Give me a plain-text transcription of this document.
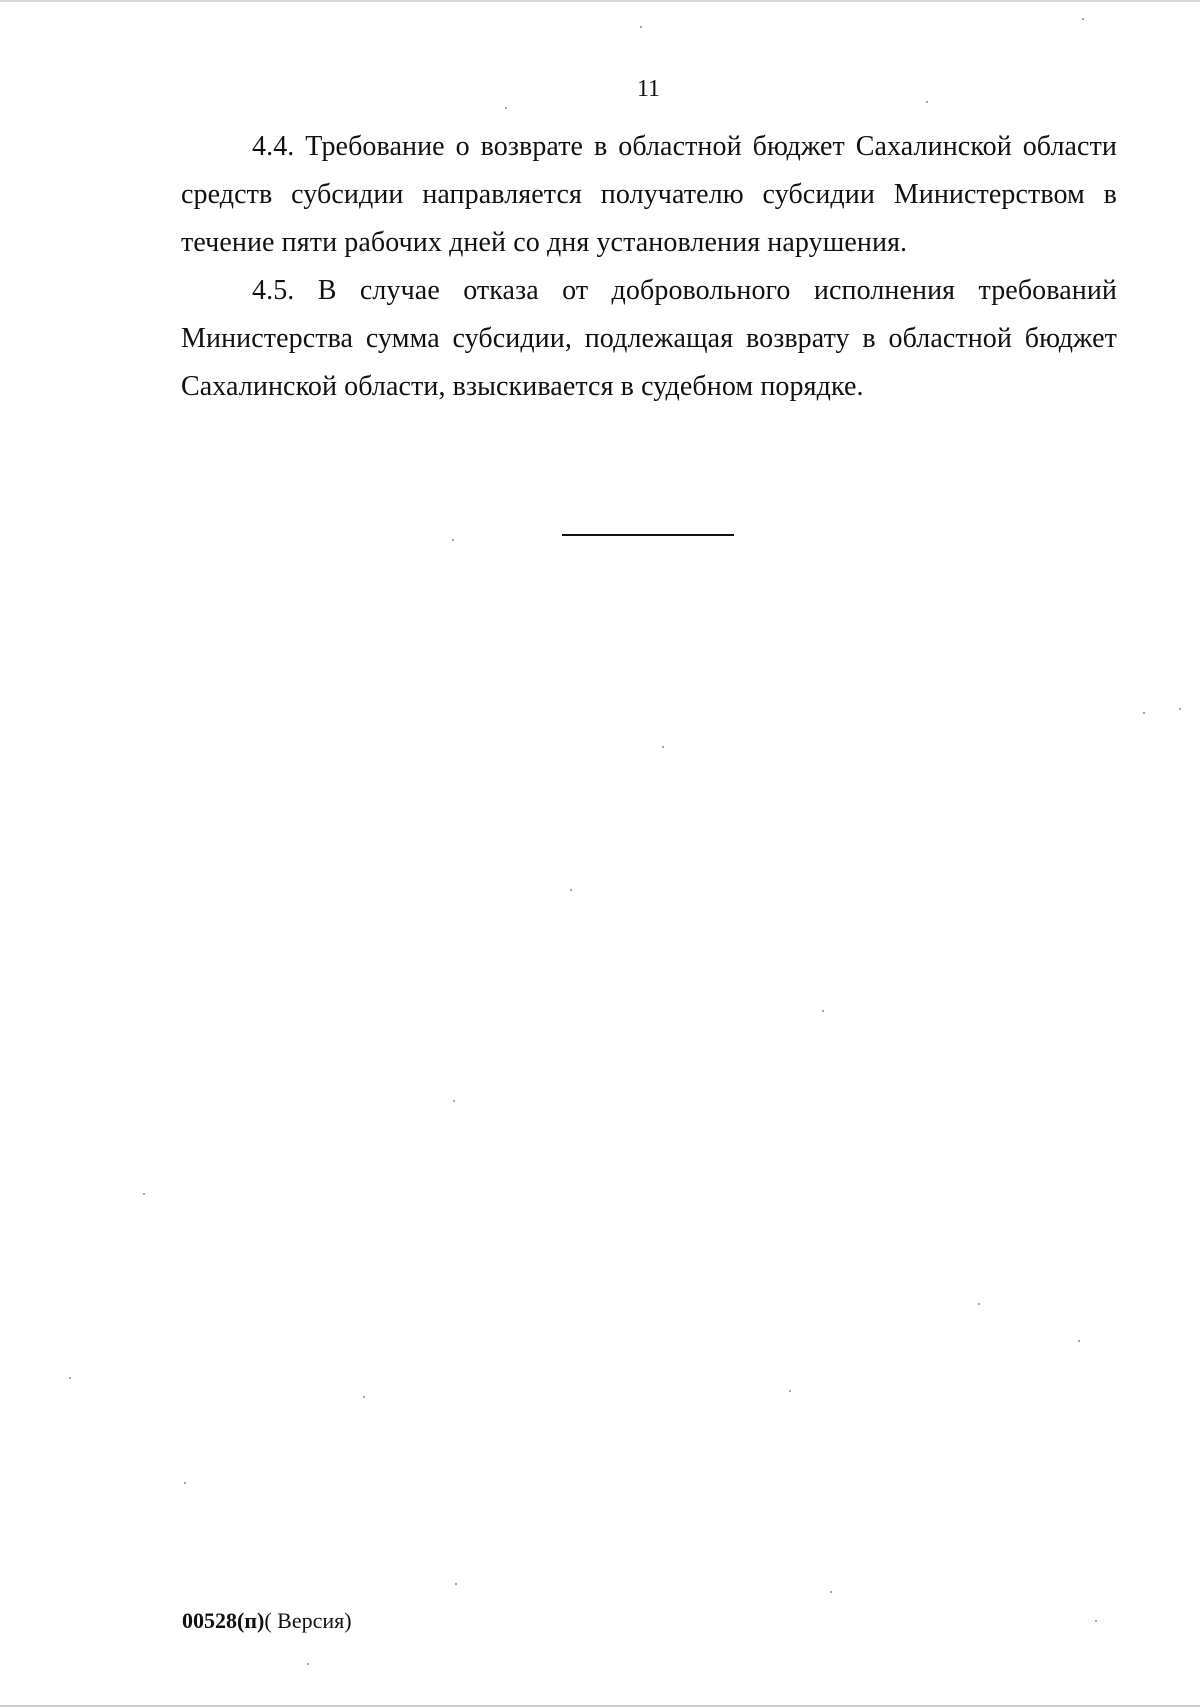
11

4.4. Требование о возврате в областной бюджет Сахалинской области средств субсидии направляется получателю субсидии Министерством в течение пяти рабочих дней со дня установления нарушения.

4.5. В случае отказа от добровольного исполнения требований Министерства сумма субсидии, подлежащая возврату в областной бюджет Сахалинской области, взыскивается в судебном порядке.

00528(п)( Версия)
